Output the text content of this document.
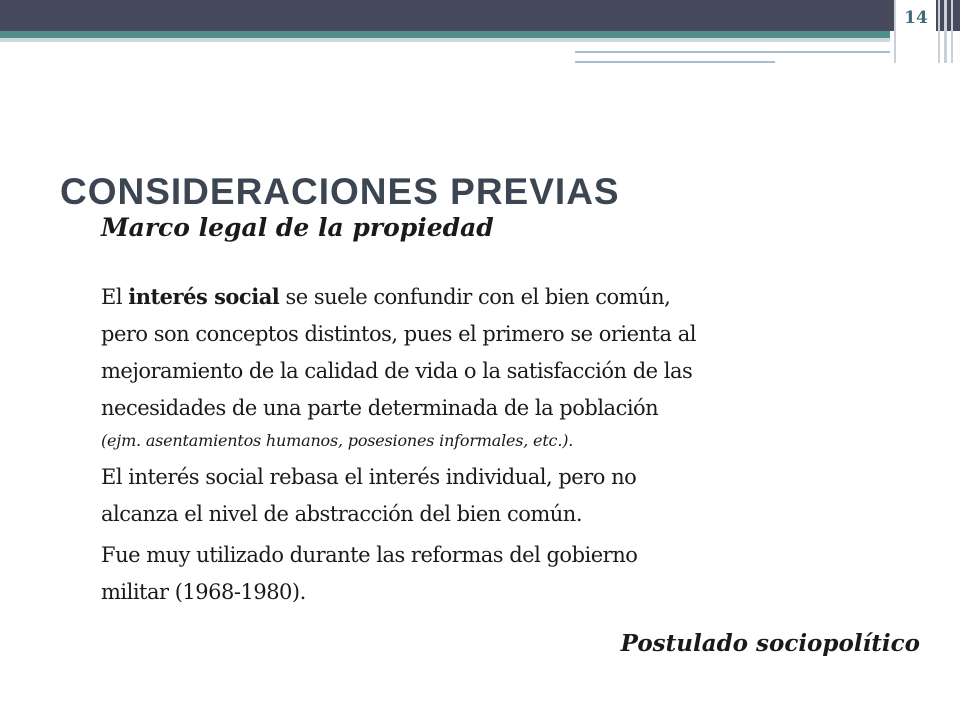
14
CONSIDERACIONES PREVIAS
Marco legal de la propiedad

El interés social se suele confundir con el bien común,
pero son conceptos distintos, pues el primero se orienta al
mejoramiento de la calidad de vida o la satisfacción de las
necesidades de una parte determinada de la población

(ejm. asentamientos humanos, posesiones informales, etc.).

El interés social rebasa el interés individual, pero no
alcanza el nivel de abstracción del bien común.

Fue muy utilizado durante las reformas del gobierno
militar (1968-1980).

Postulado sociopolítico
